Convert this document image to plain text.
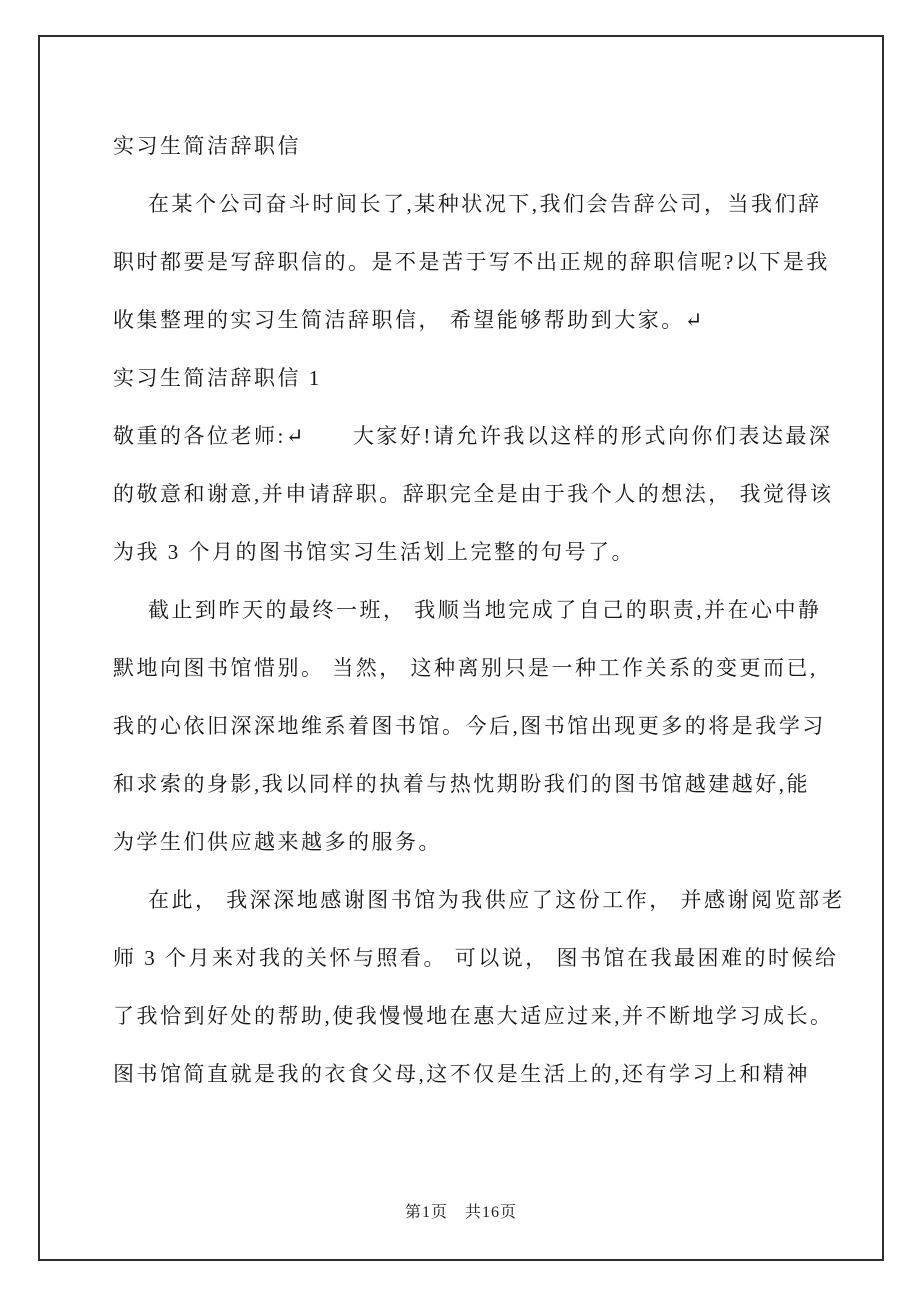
实习生简洁辞职信
在某个公司奋斗时间长了,某种状况下,我们会告辞公司，当我们辞
职时都要是写辞职信的。是不是苦于写不出正规的辞职信呢?以下是我
收集整理的实习生简洁辞职信， 希望能够帮助到大家。↵
实习生简洁辞职信 1
敬重的各位老师:↵　　大家好!请允许我以这样的形式向你们表达最深
的敬意和谢意,并申请辞职。辞职完全是由于我个人的想法， 我觉得该
为我 3 个月的图书馆实习生活划上完整的句号了。
截止到昨天的最终一班， 我顺当地完成了自己的职责,并在心中静
默地向图书馆惜别。 当然， 这种离别只是一种工作关系的变更而已,
我的心依旧深深地维系着图书馆。今后,图书馆出现更多的将是我学习
和求索的身影,我以同样的执着与热忱期盼我们的图书馆越建越好,能
为学生们供应越来越多的服务。
在此， 我深深地感谢图书馆为我供应了这份工作， 并感谢阅览部老
师 3 个月来对我的关怀与照看。 可以说， 图书馆在我最困难的时候给
了我恰到好处的帮助,使我慢慢地在惠大适应过来,并不断地学习成长。
图书馆简直就是我的衣食父母,这不仅是生活上的,还有学习上和精神
第1页　共16页
